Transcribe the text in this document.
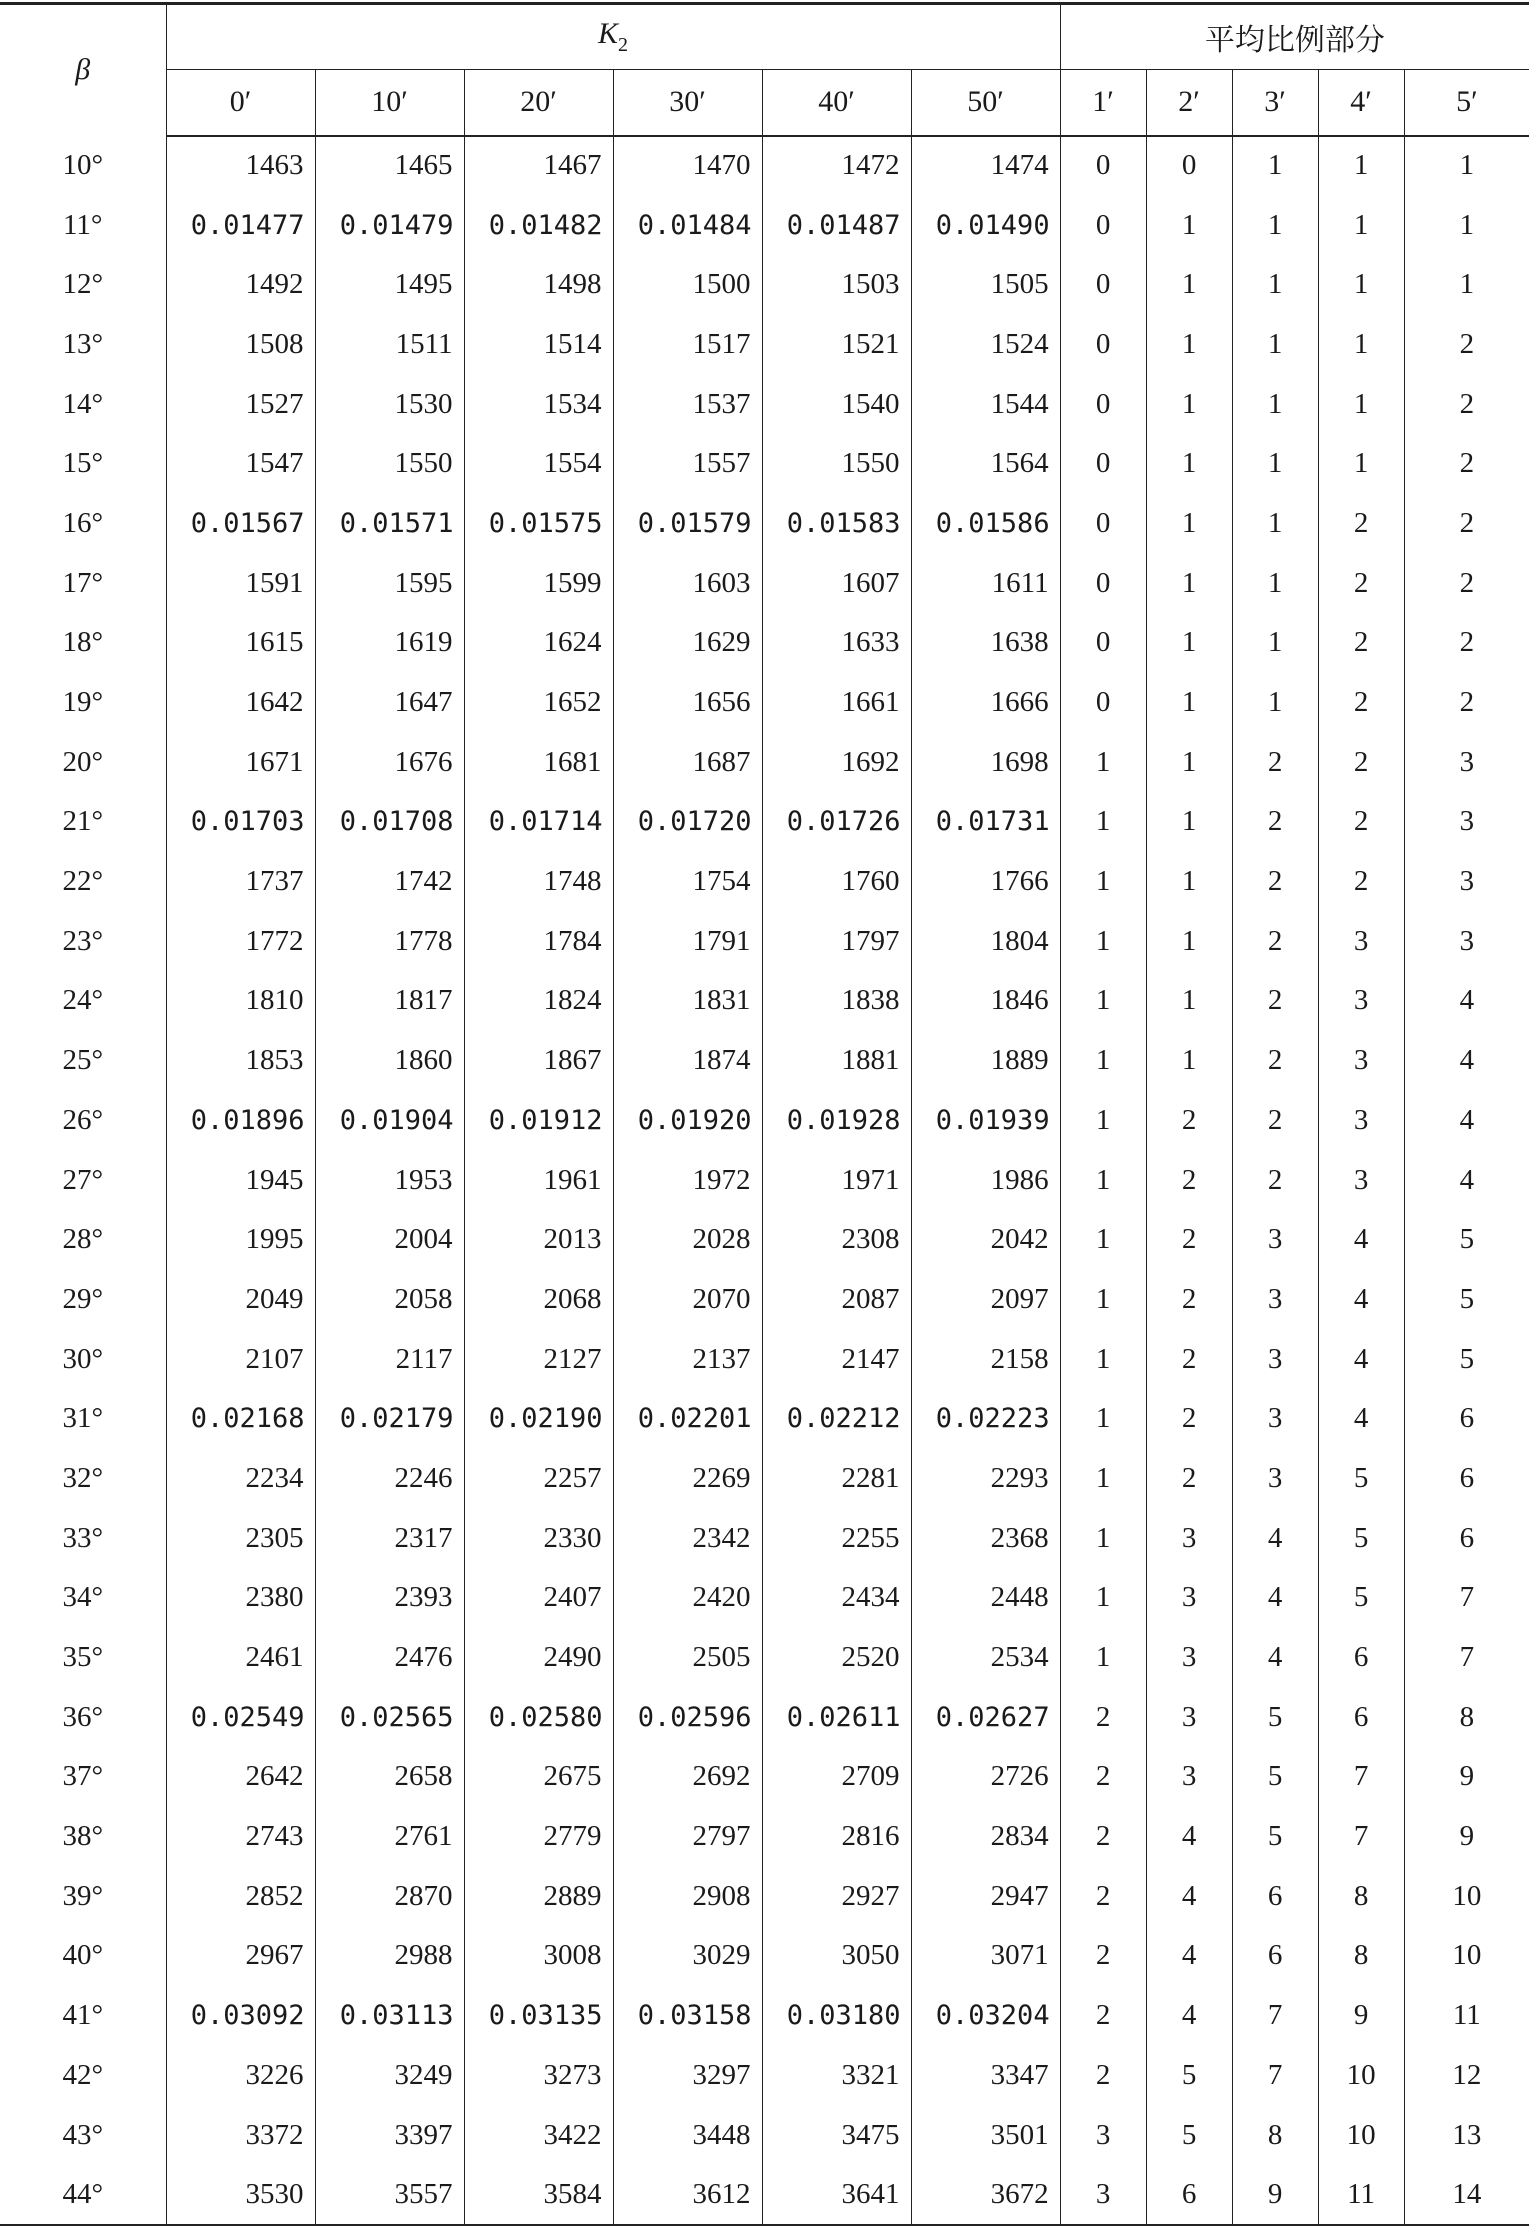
β	$K_2$						平均比例部分				
	0′	10′	20′	30′	40′	50′	1′	2′	3′	4′	5′
10°	1463	1465	1467	1470	1472	1474	0	0	1	1	1
11°	0.01477	0.01479	0.01482	0.01484	0.01487	0.01490	0	1	1	1	1
12°	1492	1495	1498	1500	1503	1505	0	1	1	1	1
13°	1508	1511	1514	1517	1521	1524	0	1	1	1	2
14°	1527	1530	1534	1537	1540	1544	0	1	1	1	2
15°	1547	1550	1554	1557	1550	1564	0	1	1	1	2
16°	0.01567	0.01571	0.01575	0.01579	0.01583	0.01586	0	1	1	2	2
17°	1591	1595	1599	1603	1607	1611	0	1	1	2	2
18°	1615	1619	1624	1629	1633	1638	0	1	1	2	2
19°	1642	1647	1652	1656	1661	1666	0	1	1	2	2
20°	1671	1676	1681	1687	1692	1698	1	1	2	2	3
21°	0.01703	0.01708	0.01714	0.01720	0.01726	0.01731	1	1	2	2	3
22°	1737	1742	1748	1754	1760	1766	1	1	2	2	3
23°	1772	1778	1784	1791	1797	1804	1	1	2	3	3
24°	1810	1817	1824	1831	1838	1846	1	1	2	3	4
25°	1853	1860	1867	1874	1881	1889	1	1	2	3	4
26°	0.01896	0.01904	0.01912	0.01920	0.01928	0.01939	1	2	2	3	4
27°	1945	1953	1961	1972	1971	1986	1	2	2	3	4
28°	1995	2004	2013	2028	2308	2042	1	2	3	4	5
29°	2049	2058	2068	2070	2087	2097	1	2	3	4	5
30°	2107	2117	2127	2137	2147	2158	1	2	3	4	5
31°	0.02168	0.02179	0.02190	0.02201	0.02212	0.02223	1	2	3	4	6
32°	2234	2246	2257	2269	2281	2293	1	2	3	5	6
33°	2305	2317	2330	2342	2255	2368	1	3	4	5	6
34°	2380	2393	2407	2420	2434	2448	1	3	4	5	7
35°	2461	2476	2490	2505	2520	2534	1	3	4	6	7
36°	0.02549	0.02565	0.02580	0.02596	0.02611	0.02627	2	3	5	6	8
37°	2642	2658	2675	2692	2709	2726	2	3	5	7	9
38°	2743	2761	2779	2797	2816	2834	2	4	5	7	9
39°	2852	2870	2889	2908	2927	2947	2	4	6	8	10
40°	2967	2988	3008	3029	3050	3071	2	4	6	8	10
41°	0.03092	0.03113	0.03135	0.03158	0.03180	0.03204	2	4	7	9	11
42°	3226	3249	3273	3297	3321	3347	2	5	7	10	12
43°	3372	3397	3422	3448	3475	3501	3	5	8	10	13
44°	3530	3557	3584	3612	3641	3672	3	6	9	11	14
